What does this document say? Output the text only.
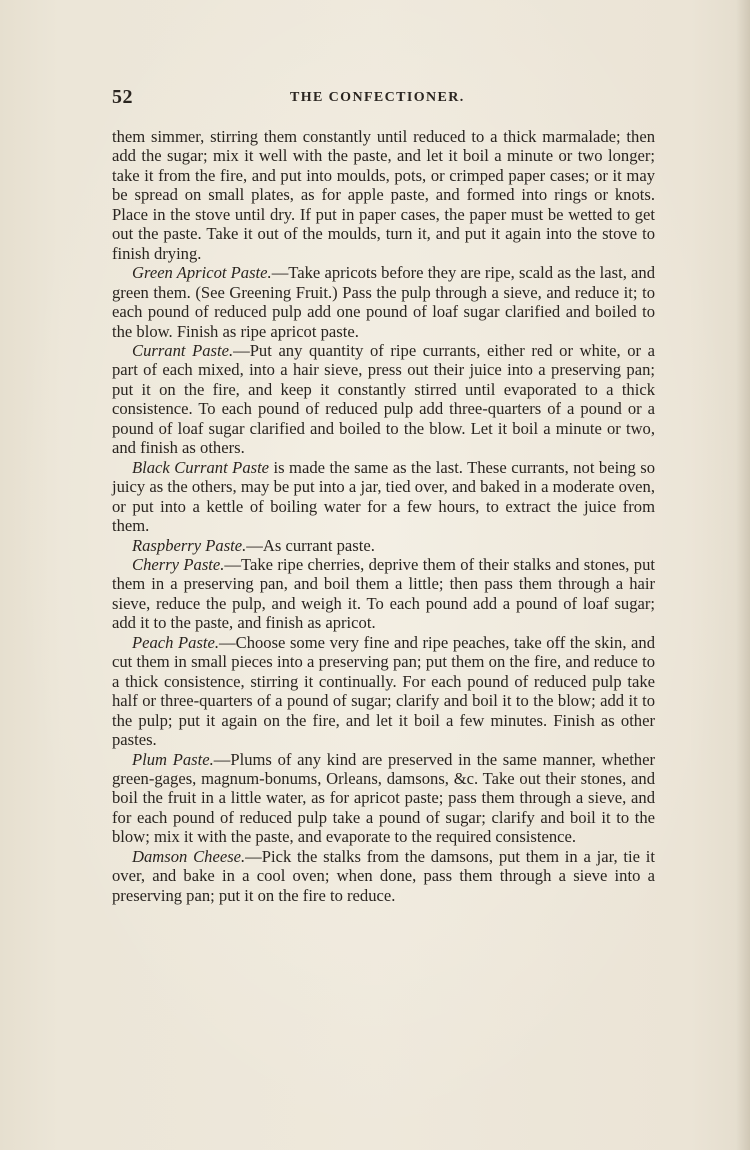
52	THE CONFECTIONER.

them simmer, stirring them constantly until reduced to a thick marmalade; then add the sugar; mix it well with the paste, and let it boil a minute or two longer; take it from the fire, and put into moulds, pots, or crimped paper cases; or it may be spread on small plates, as for apple paste, and formed into rings or knots. Place in the stove until dry. If put in paper cases, the paper must be wetted to get out the paste. Take it out of the moulds, turn it, and put it again into the stove to finish drying.

Green Apricot Paste.—Take apricots before they are ripe, scald as the last, and green them. (See Greening Fruit.) Pass the pulp through a sieve, and reduce it; to each pound of reduced pulp add one pound of loaf sugar clarified and boiled to the blow. Finish as ripe apricot paste.

Currant Paste.—Put any quantity of ripe currants, either red or white, or a part of each mixed, into a hair sieve, press out their juice into a preserving pan; put it on the fire, and keep it constantly stirred until evaporated to a thick consistence. To each pound of reduced pulp add three-quarters of a pound or a pound of loaf sugar clarified and boiled to the blow. Let it boil a minute or two, and finish as others.

Black Currant Paste is made the same as the last. These currants, not being so juicy as the others, may be put into a jar, tied over, and baked in a moderate oven, or put into a kettle of boiling water for a few hours, to extract the juice from them.

Raspberry Paste.—As currant paste.

Cherry Paste.—Take ripe cherries, deprive them of their stalks and stones, put them in a preserving pan, and boil them a little; then pass them through a hair sieve, reduce the pulp, and weigh it. To each pound add a pound of loaf sugar; add it to the paste, and finish as apricot.

Peach Paste.—Choose some very fine and ripe peaches, take off the skin, and cut them in small pieces into a preserving pan; put them on the fire, and reduce to a thick consistence, stirring it continually. For each pound of reduced pulp take half or three-quarters of a pound of sugar; clarify and boil it to the blow; add it to the pulp; put it again on the fire, and let it boil a few minutes. Finish as other pastes.

Plum Paste.—Plums of any kind are preserved in the same manner, whether green-gages, magnum-bonums, Orleans, damsons, &c. Take out their stones, and boil the fruit in a little water, as for apricot paste; pass them through a sieve, and for each pound of reduced pulp take a pound of sugar; clarify and boil it to the blow; mix it with the paste, and evaporate to the required consistence.

Damson Cheese.—Pick the stalks from the damsons, put them in a jar, tie it over, and bake in a cool oven; when done, pass them through a sieve into a preserving pan; put it on the fire to reduce.
